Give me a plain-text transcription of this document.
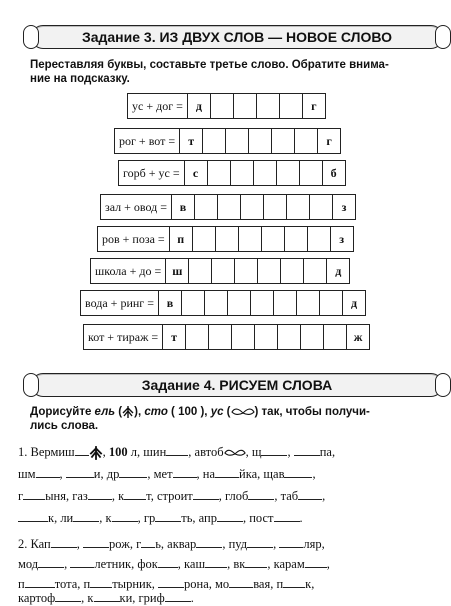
Задание 3. ИЗ ДВУХ СЛОВ — НОВОЕ СЛОВО
Переставляя буквы, составьте третье слово. Обратите внима-
ние на подсказку.
ус + дог =	д	г
рог + вот =	т	г
горб + ус =	с	б
зал + овод =	в	з
ров + поза =	п	з
школа + до = ш	д
вода + ринг =	в	д
кот + тираж =	т	ж
Задание 4. РИСУЕМ СЛОВА
Дорисуйте ель ( ), сто ( 100 ), ус ( ) так, чтобы получи-
лись слова.
1. Вермиш , 100 л, шин , автоб , щ , па,
шм , и, др , мет , на йка, щав ,
г ыня, газ , к т, строит , глоб , таб ,
к, ли , к , гр ть, апр , пост .
2. Кап , рож, г ь, аквар , пуд , ляр,
мод , летник, фок , каш , вк , карам ,
п тота, п тырник, рона, мо вая, п к,
картоф , к ки, гриф .
